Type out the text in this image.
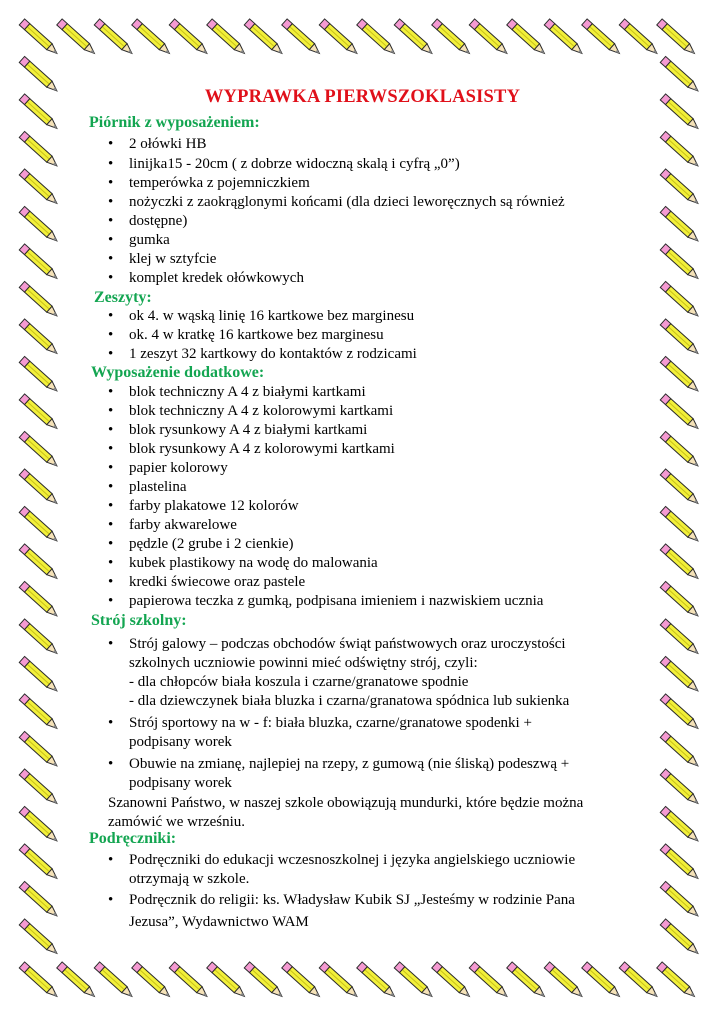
WYPRAWKA PIERWSZOKLASISTY
Piórnik z wyposażeniem:
• 2 ołówki HB
• linijka15 - 20cm ( z dobrze widoczną skalą i cyfrą „0”)
• temperówka z pojemniczkiem
• nożyczki z zaokrąglonymi końcami (dla dzieci leworęcznych są również
• dostępne)
• gumka
• klej w sztyfcie
• komplet kredek ołówkowych
Zeszyty:
• ok 4. w wąską linię 16 kartkowe bez marginesu
• ok. 4 w kratkę 16 kartkowe bez marginesu
• 1 zeszyt 32 kartkowy do kontaktów z rodzicami
Wyposażenie dodatkowe:
• blok techniczny A 4 z białymi kartkami
• blok techniczny A 4 z kolorowymi kartkami
• blok rysunkowy A 4 z białymi kartkami
• blok rysunkowy A 4 z kolorowymi kartkami
• papier kolorowy
• plastelina
• farby plakatowe 12 kolorów
• farby akwarelowe
• pędzle (2 grube i 2 cienkie)
• kubek plastikowy na wodę do malowania
• kredki świecowe oraz pastele
• papierowa teczka z gumką, podpisana imieniem i nazwiskiem ucznia
Strój szkolny:
• Strój galowy – podczas obchodów świąt państwowych oraz uroczystości
szkolnych uczniowie powinni mieć odświętny strój, czyli:
- dla chłopców biała koszula i czarne/granatowe spodnie
- dla dziewczynek biała bluzka i czarna/granatowa spódnica lub sukienka
• Strój sportowy na w - f: biała bluzka, czarne/granatowe spodenki +
podpisany worek
• Obuwie na zmianę, najlepiej na rzepy, z gumową (nie śliską) podeszwą +
podpisany worek
Szanowni Państwo, w naszej szkole obowiązują mundurki, które będzie można
zamówić we wrześniu.
Podręczniki:
• Podręczniki do edukacji wczesnoszkolnej i języka angielskiego uczniowie
otrzymają w szkole.
• Podręcznik do religii: ks. Władysław Kubik SJ „Jesteśmy w rodzinie Pana
Jezusa”, Wydawnictwo WAM
